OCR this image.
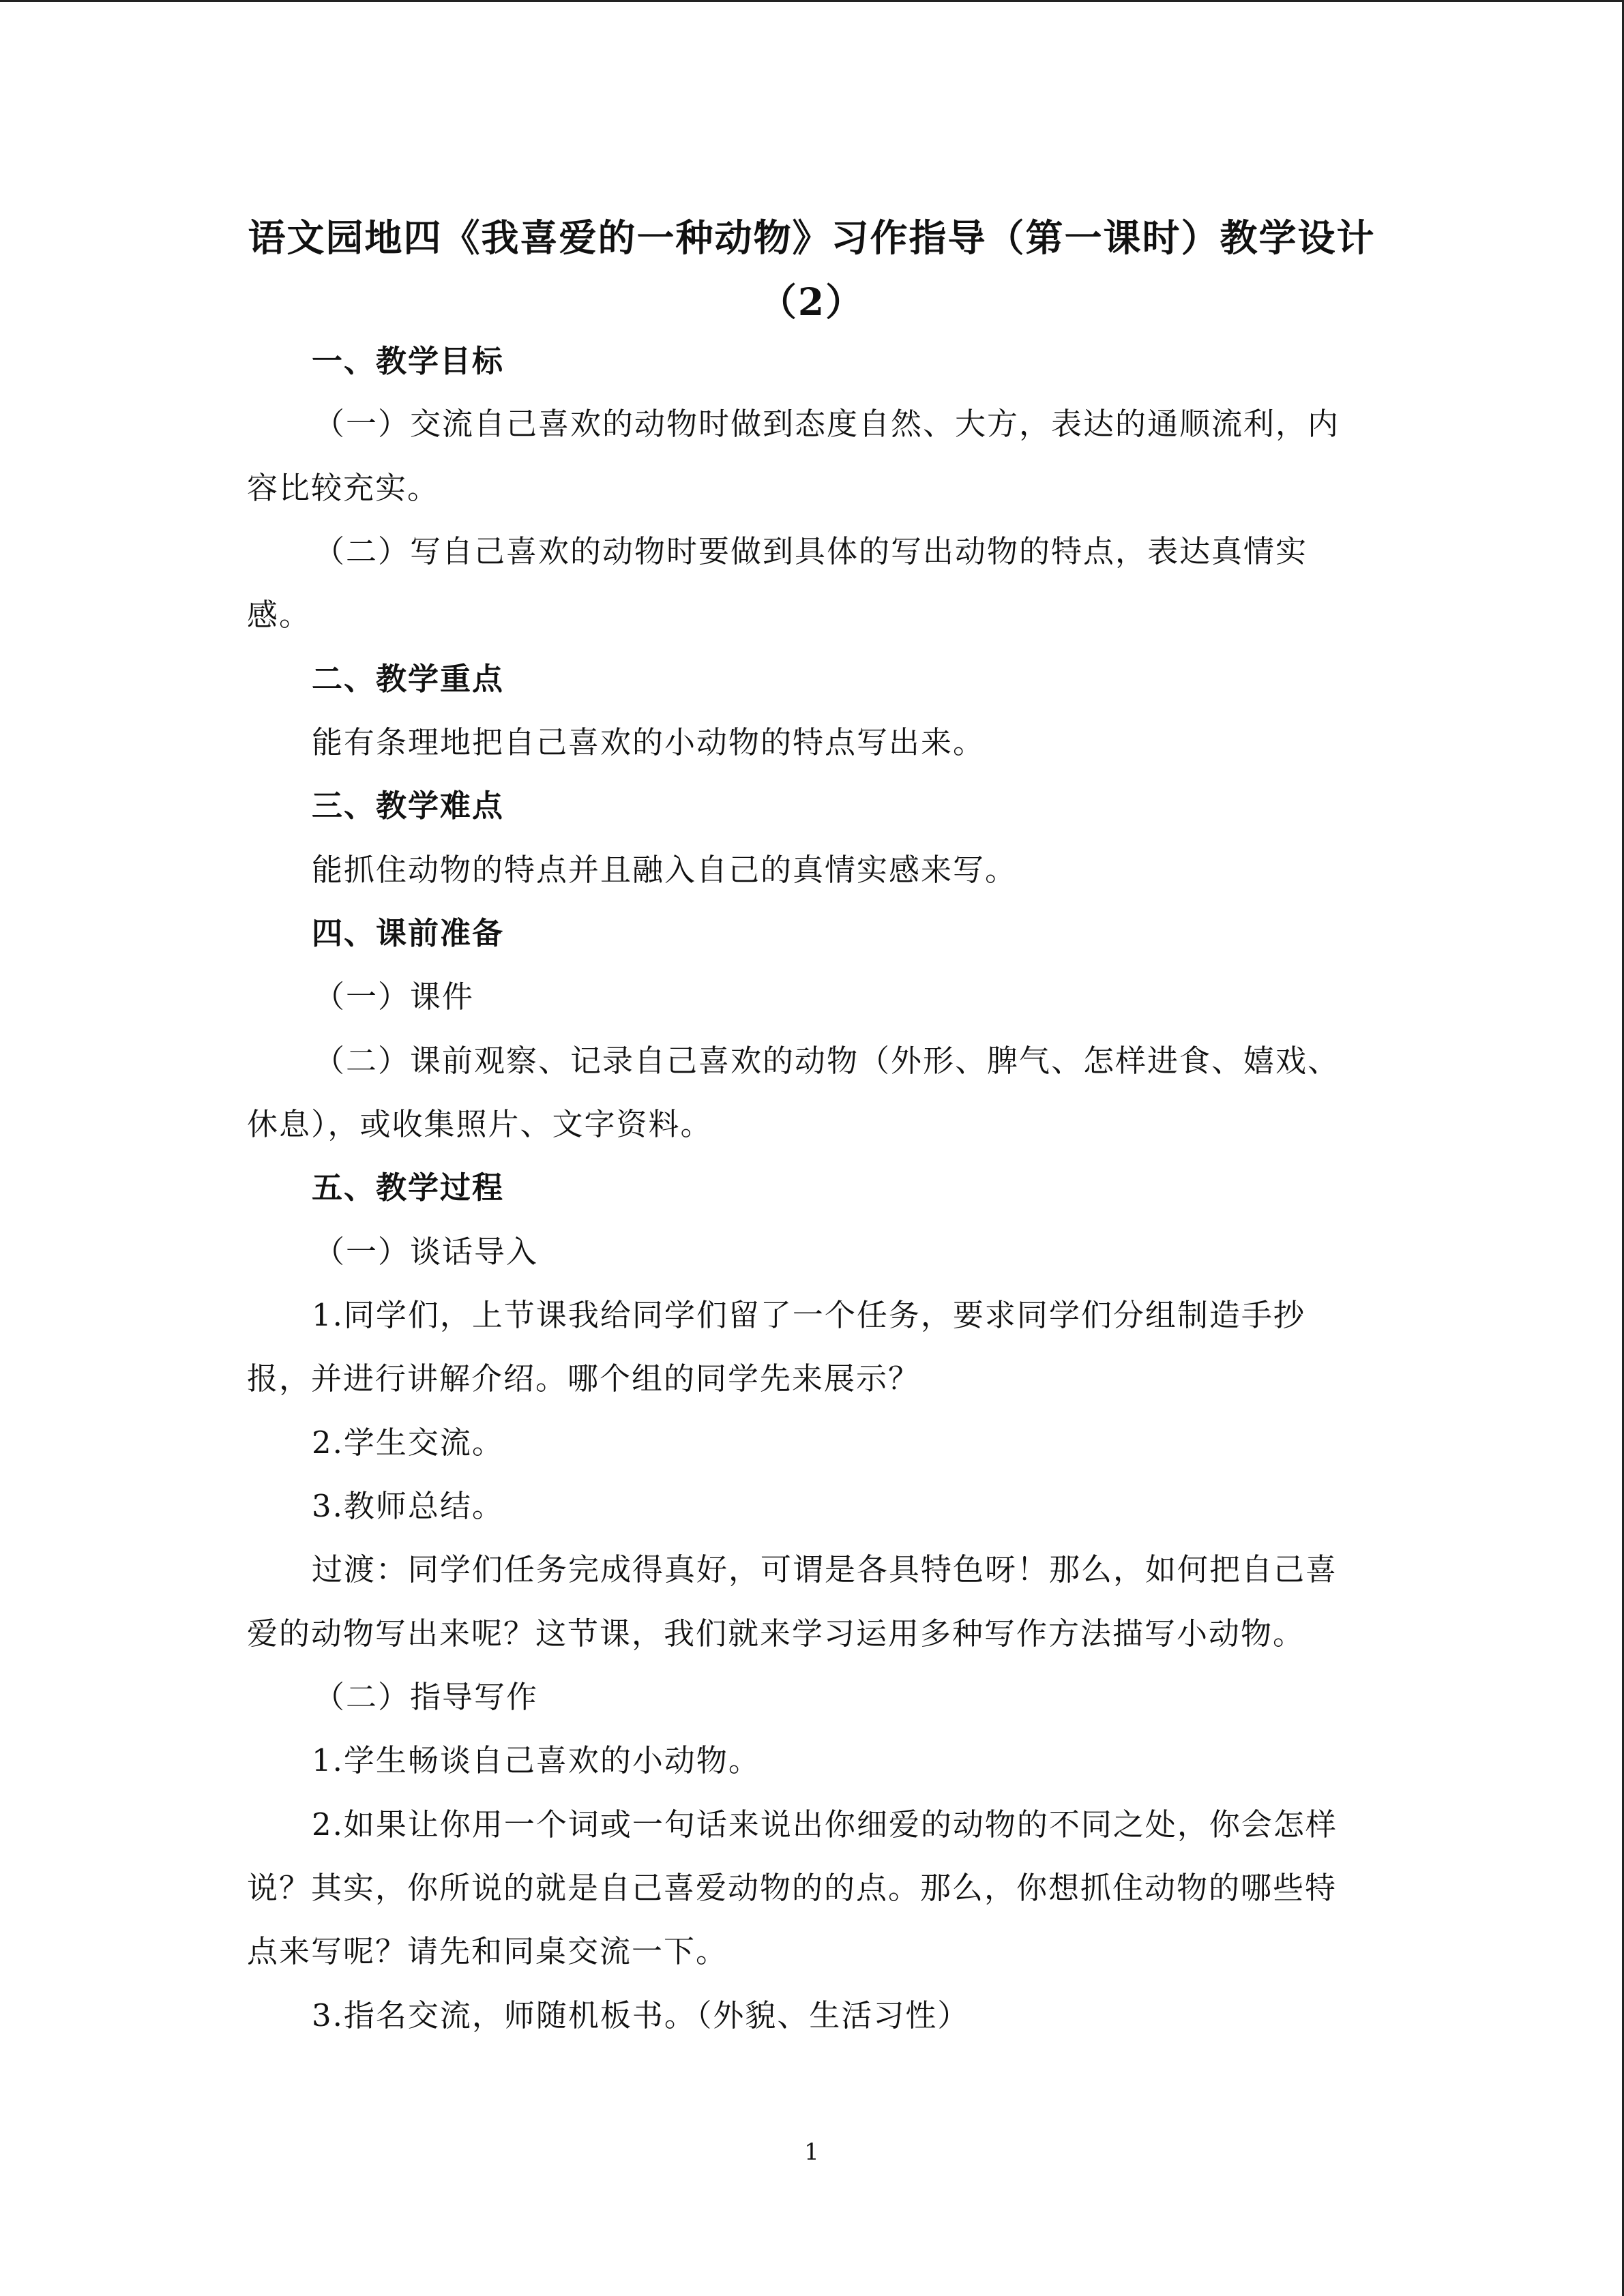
语文园地四《我喜爱的一种动物》习作指导（第一课时）教学设计
（2）
一、教学目标
（一）交流自己喜欢的动物时做到态度自然、大方，表达的通顺流利，内
容比较充实。
（二）写自己喜欢的动物时要做到具体的写出动物的特点，表达真情实
感。
二、教学重点
能有条理地把自己喜欢的小动物的特点写出来。
三、教学难点
能抓住动物的特点并且融入自己的真情实感来写。
四、课前准备
（一）课件
（二）课前观察、记录自己喜欢的动物（外形、脾气、怎样进食、嬉戏、
休息），或收集照片、文字资料。
五、教学过程
（一）谈话导入
1.同学们，上节课我给同学们留了一个任务，要求同学们分组制造手抄
报，并进行讲解介绍。哪个组的同学先来展示？
2.学生交流。
3.教师总结。
过渡：同学们任务完成得真好，可谓是各具特色呀！那么，如何把自己喜
爱的动物写出来呢？这节课，我们就来学习运用多种写作方法描写小动物。
（二）指导写作
1.学生畅谈自己喜欢的小动物。
2.如果让你用一个词或一句话来说出你细爱的动物的不同之处，你会怎样
说？其实，你所说的就是自己喜爱动物的的点。那么，你想抓住动物的哪些特
点来写呢？请先和同桌交流一下。
3.指名交流，师随机板书。（外貌、生活习性）
1
